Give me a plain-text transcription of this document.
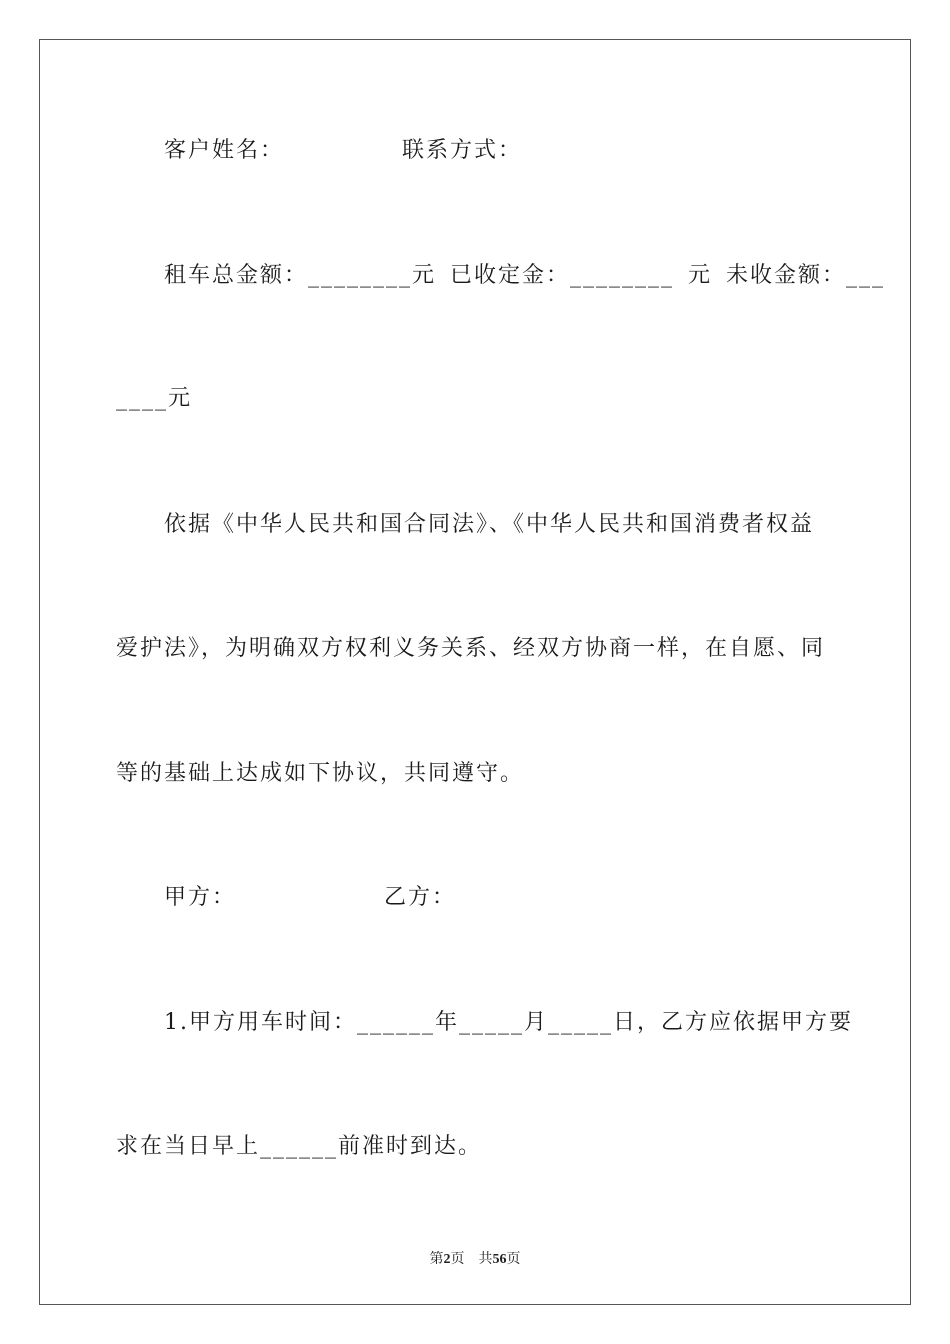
客户姓名：	联系方式：
租车总金额：________元 已收定金：________ 元 未收金额：___
____元
依据《中华人民共和国合同法》、《中华人民共和国消费者权益
爱护法》，为明确双方权利义务关系、经双方协商一样，在自愿、同
等的基础上达成如下协议，共同遵守。
甲方：	乙方：
1.甲方用车时间：______年_____月_____日，乙方应依据甲方要
求在当日早上______前准时到达。
第2页 共56页
